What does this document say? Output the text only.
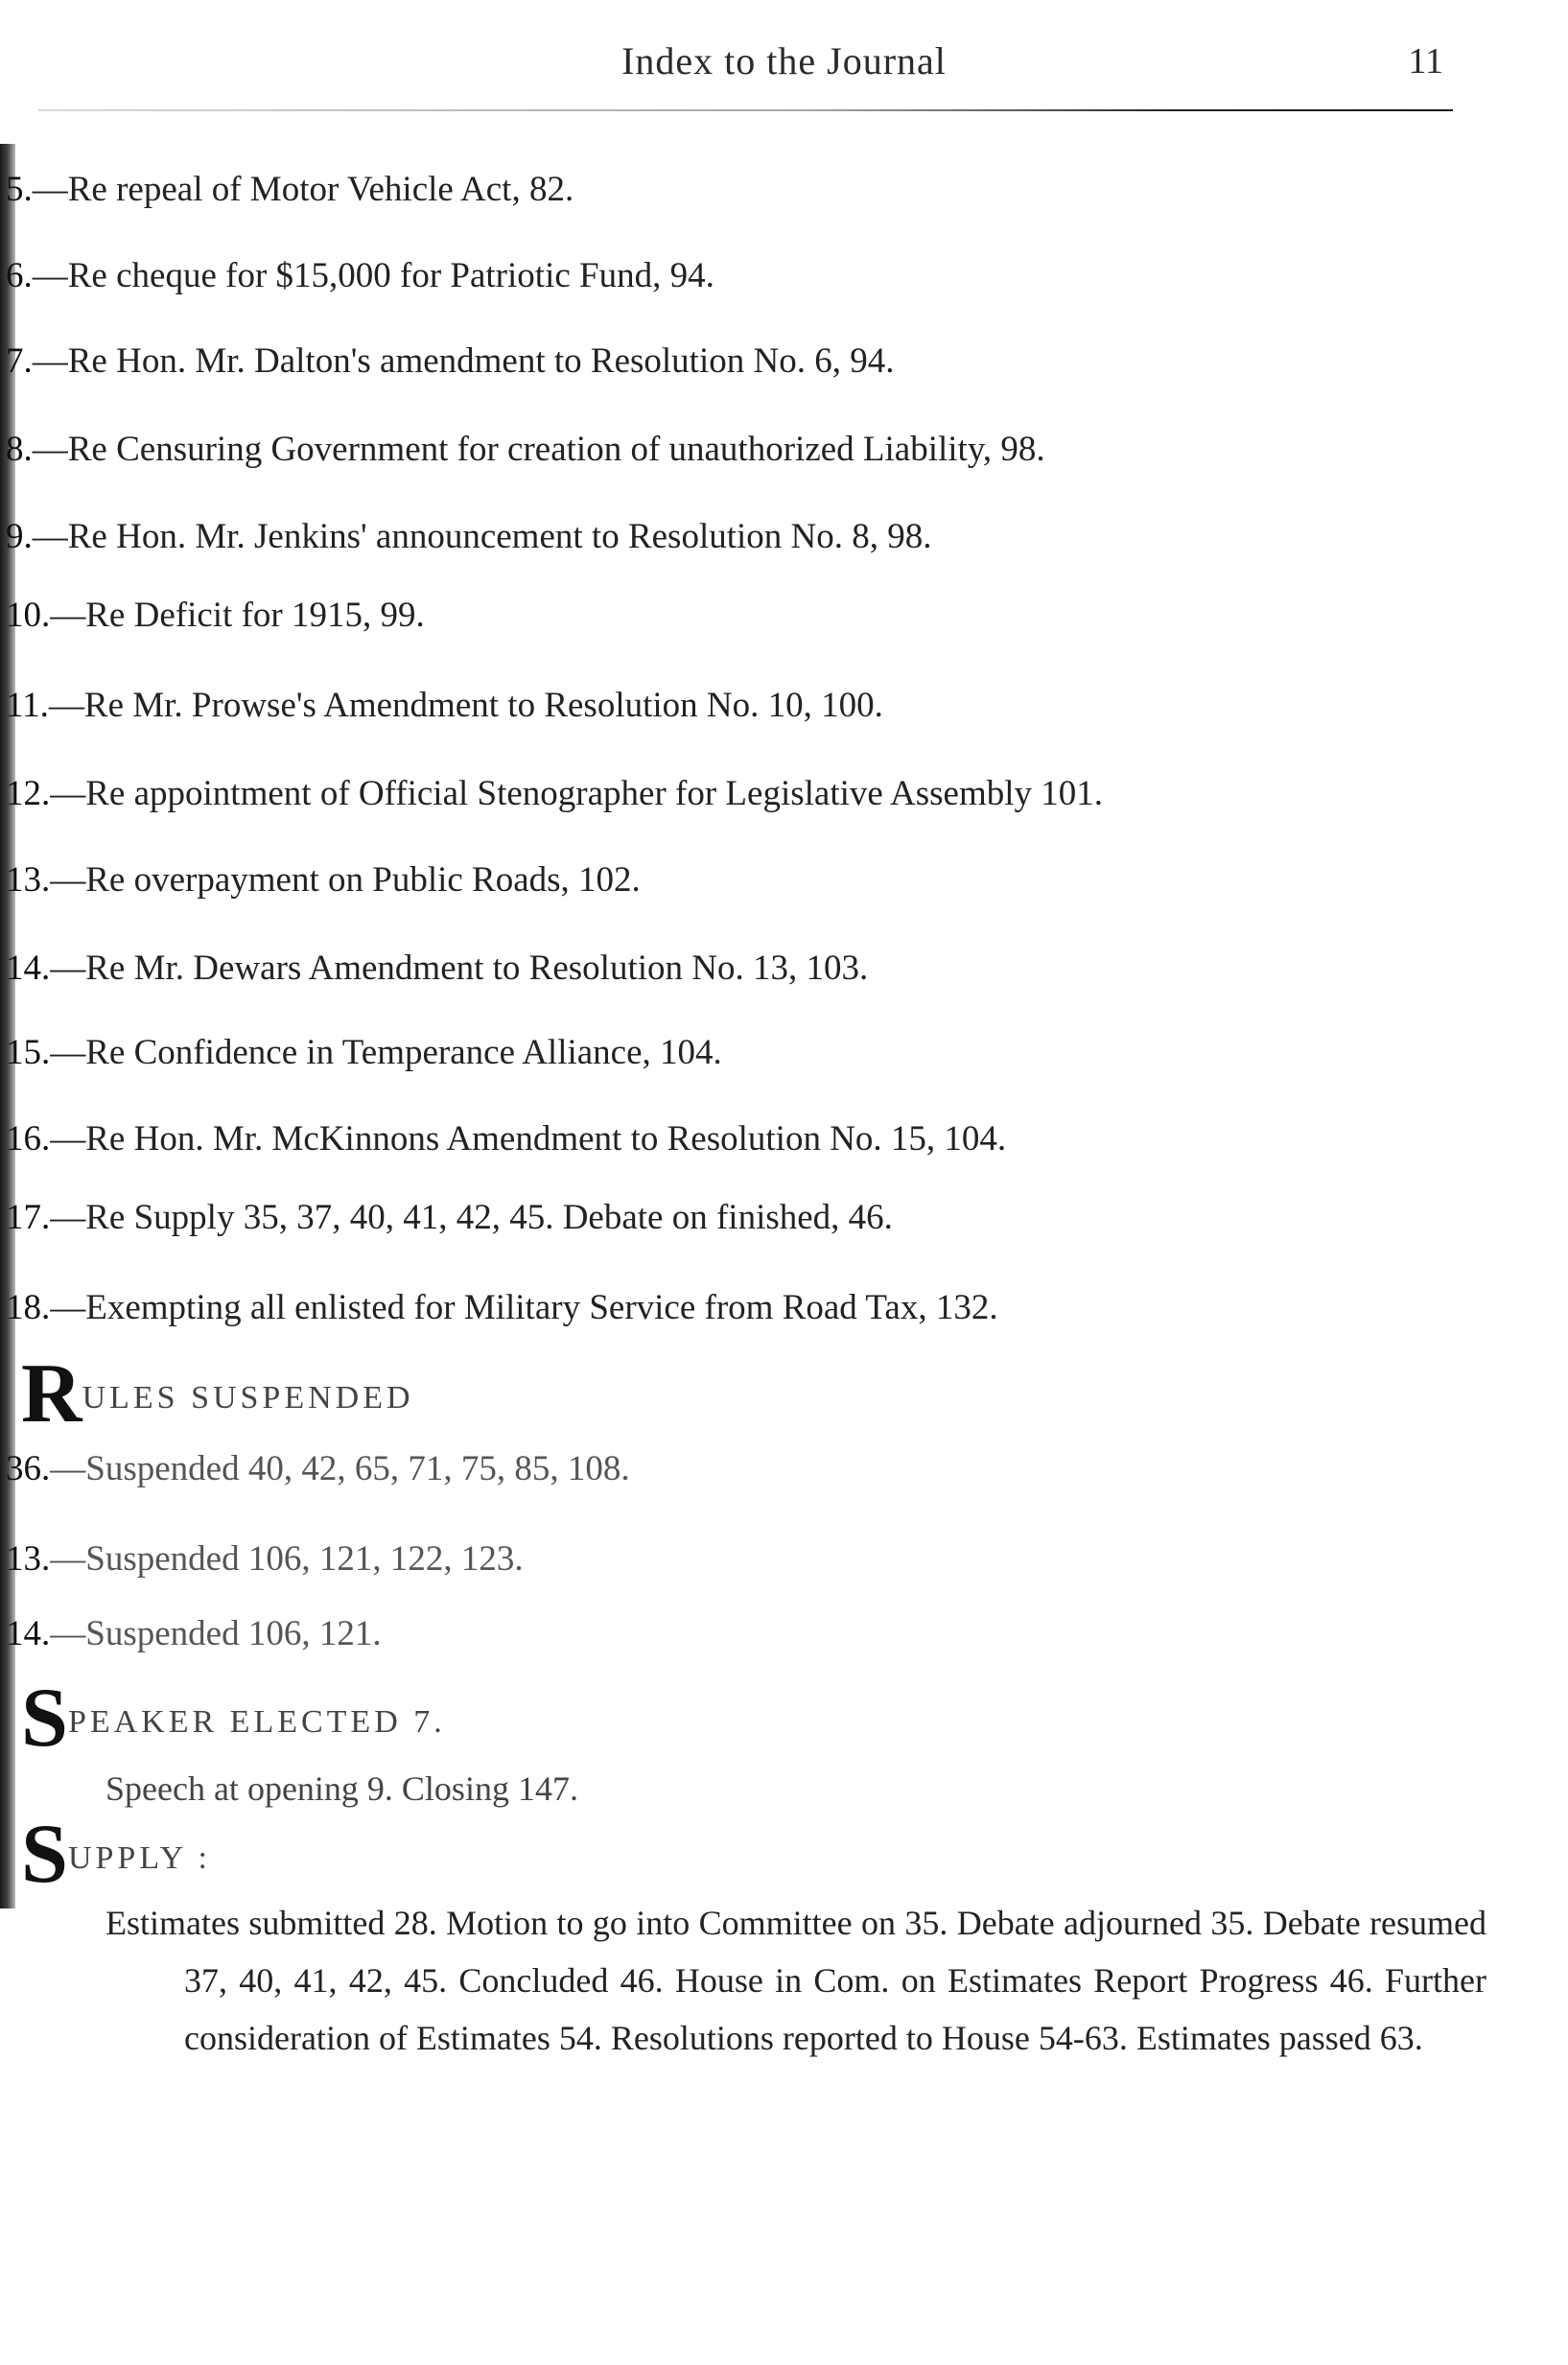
Index to the Journal	11
5.—Re repeal of Motor Vehicle Act, 82.
6.—Re cheque for $15,000 for Patriotic Fund, 94.
7.—Re Hon. Mr. Dalton's amendment to Resolution No. 6, 94.
8.—Re Censuring Government for creation of unauthorized Liability, 98.
9.—Re Hon. Mr. Jenkins' announcement to Resolution No. 8, 98.
10.—Re Deficit for 1915, 99.
11.—Re Mr. Prowse's Amendment to Resolution No. 10, 100.
12.—Re appointment of Official Stenographer for Legislative Assembly 101.
13.—Re overpayment on Public Roads, 102.
14.—Re Mr. Dewars Amendment to Resolution No. 13, 103.
15.—Re Confidence in Temperance Alliance, 104.
16.—Re Hon. Mr. McKinnons Amendment to Resolution No. 15, 104.
17.—Re Supply 35, 37, 40, 41, 42, 45. Debate on finished, 46.
18.—Exempting all enlisted for Military Service from Road Tax, 132.
RULES SUSPENDED
36.—Suspended 40, 42, 65, 71, 75, 85, 108.
13.—Suspended 106, 121, 122, 123.
14.—Suspended 106, 121.
SPEAKER ELECTED 7.
Speech at opening 9. Closing 147.
SUPPLY :
Estimates submitted 28. Motion to go into Committee on 35. Debate adjourned 35. Debate resumed 37, 40, 41, 42, 45. Concluded 46. House in Com. on Estimates Report Progress 46. Further consideration of Estimates 54. Resolutions reported to House 54-63. Estimates passed 63.
